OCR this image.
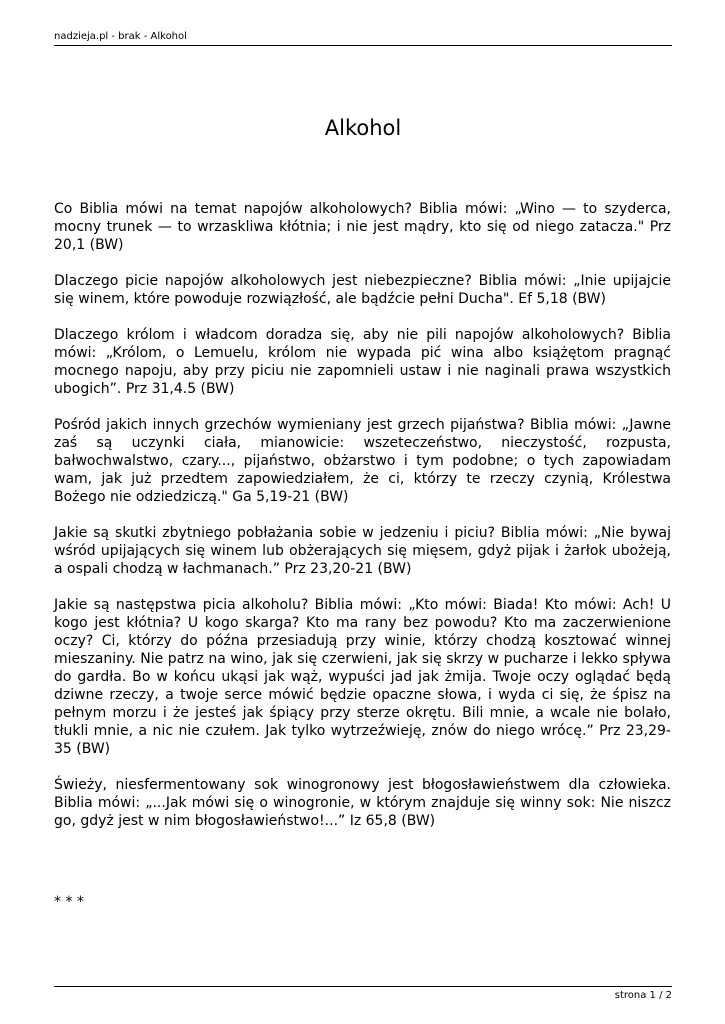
nadzieja.pl - brak - Alkohol
Alkohol

Co Biblia mówi na temat napojów alkoholowych? Biblia mówi: „Wino — to szyderca, mocny trunek — to wrzaskliwa kłótnia; i nie jest mądry, kto się od niego zatacza." Prz 20,1 (BW)

Dlaczego picie napojów alkoholowych jest niebezpieczne? Biblia mówi: „Inie upijajcie się winem, które powoduje rozwiązłość, ale bądźcie pełni Ducha". Ef 5,18 (BW)

Dlaczego królom i władcom doradza się, aby nie pili napojów alkoholowych? Biblia mówi: „Królom, o Lemuelu, królom nie wypada pić wina albo książętom pragnąć mocnego napoju, aby przy piciu nie zapomnieli ustaw i nie naginali prawa wszystkich ubogich”. Prz 31,4.5 (BW)

Pośród jakich innych grzechów wymieniany jest grzech pijaństwa? Biblia mówi: „Jawne zaś są uczynki ciała, mianowicie: wszeteczeństwo, nieczystość, rozpusta, bałwochwalstwo, czary..., pijaństwo, obżarstwo i tym podobne; o tych zapowiadam wam, jak już przedtem zapowiedziałem, że ci, którzy te rzeczy czynią, Królestwa Bożego nie odziedziczą." Ga 5,19-21 (BW)

Jakie są skutki zbytniego pobłażania sobie w jedzeniu i piciu? Biblia mówi: „Nie bywaj wśród upijających się winem lub obżerających się mięsem, gdyż pijak i żarłok ubożeją, a ospali chodzą w łachmanach.” Prz 23,20-21 (BW)

Jakie są następstwa picia alkoholu? Biblia mówi: „Kto mówi: Biada! Kto mówi: Ach! U kogo jest kłótnia? U kogo skarga? Kto ma rany bez powodu? Kto ma zaczerwienione oczy? Ci, którzy do późna przesiadują przy winie, którzy chodzą kosztować winnej mieszaniny. Nie patrz na wino, jak się czerwieni, jak się skrzy w pucharze i lekko spływa do gardła. Bo w końcu ukąsi jak wąż, wypuści jad jak żmija. Twoje oczy oglądać będą dziwne rzeczy, a twoje serce mówić będzie opaczne słowa, i wyda ci się, że śpisz na pełnym morzu i że jesteś jak śpiący przy sterze okrętu. Bili mnie, a wcale nie bolało, tłukli mnie, a nic nie czułem. Jak tylko wytrzeźwieję, znów do niego wrócę.” Prz 23,29-35 (BW)

Świeży, niesfermentowany sok winogronowy jest błogosławieństwem dla człowieka. Biblia mówi: „...Jak mówi się o winogronie, w którym znajduje się winny sok: Nie niszcz go, gdyż jest w nim błogosławieństwo!...” Iz 65,8 (BW)

* * *
strona 1 / 2
